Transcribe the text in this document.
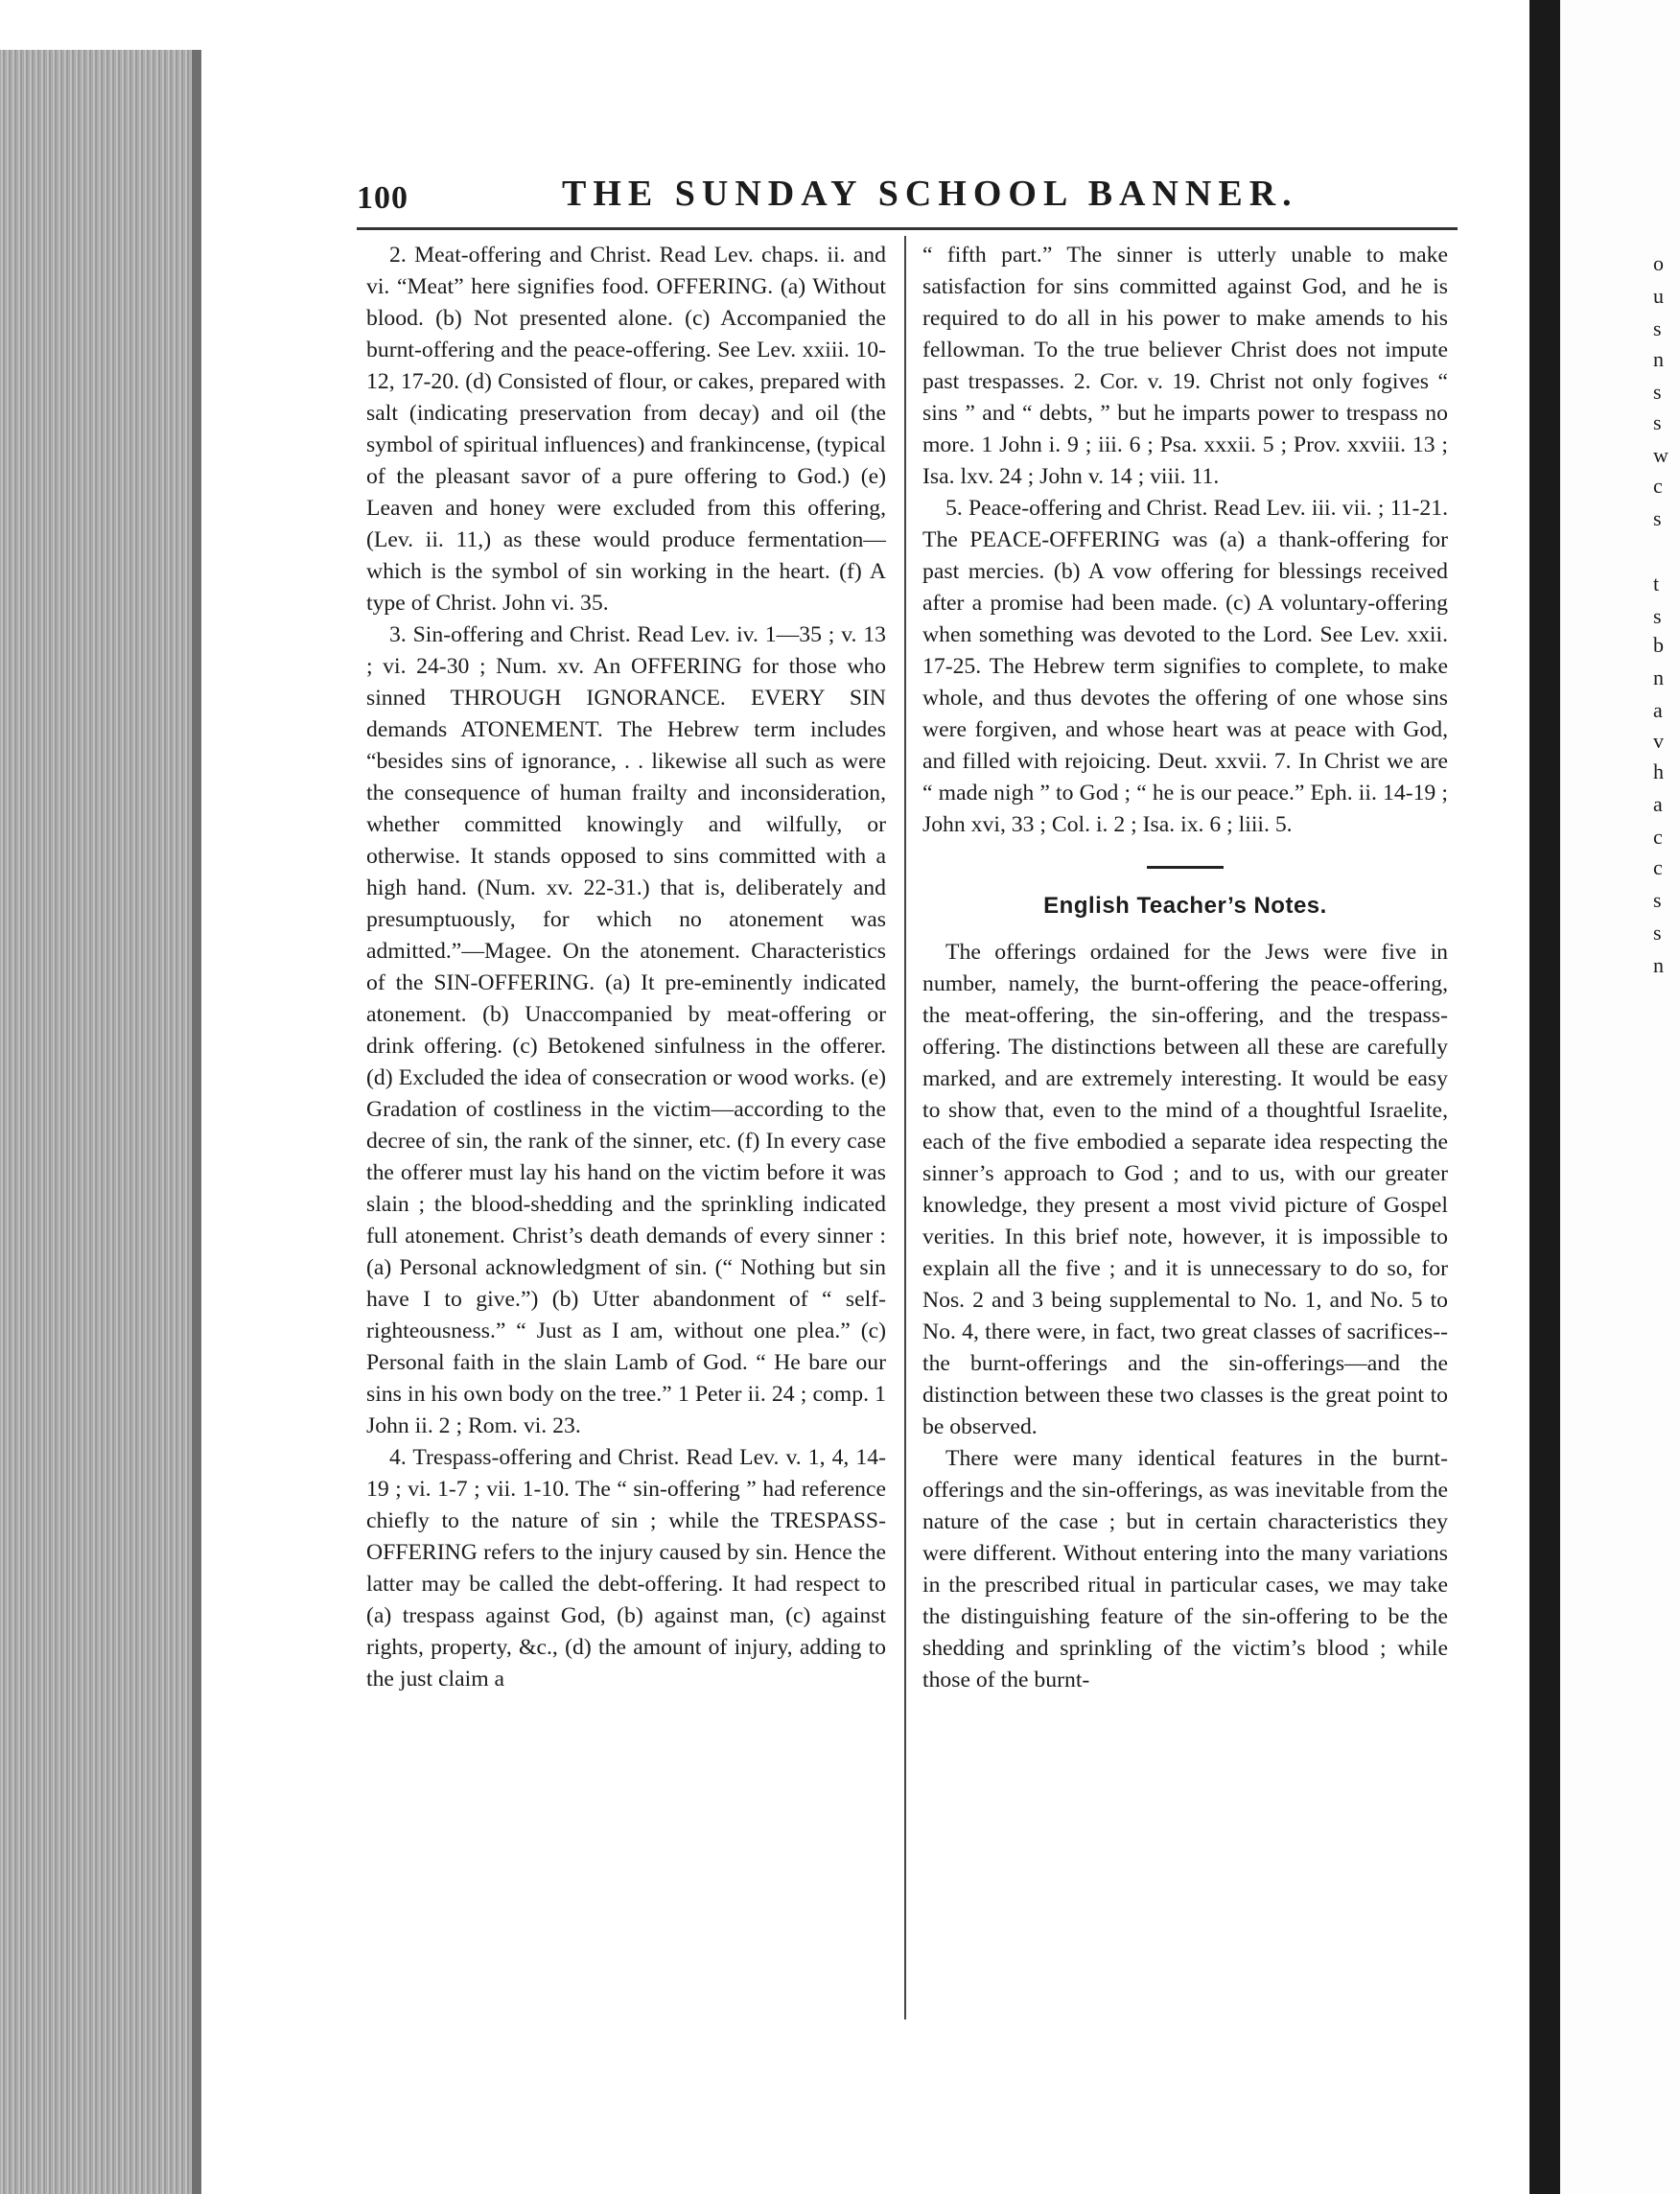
o
u
s
n
s
s
w
c
s
t
s
b
n
a
v
h
a
c
c
s
s
n
100	THE SUNDAY SCHOOL BANNER.

2. Meat-offering and Christ. Read Lev. chaps. ii. and vi. “Meat” here signifies food. OFFERING. (a) Without blood. (b) Not presented alone. (c) Accompanied the burnt-offering and the peace-offering. See Lev. xxiii. 10-12, 17-20. (d) Consisted of flour, or cakes, prepared with salt (indicating preservation from decay) and oil (the symbol of spiritual influences) and frankincense, (typical of the pleasant savor of a pure offering to God.) (e) Leaven and honey were excluded from this offering, (Lev. ii. 11,) as these would produce fermentation—which is the symbol of sin working in the heart. (f) A type of Christ. John vi. 35.

3. Sin-offering and Christ. Read Lev. iv. 1—35 ; v. 13 ; vi. 24-30 ; Num. xv. An OFFERING for those who sinned THROUGH IGNORANCE. EVERY SIN demands ATONEMENT. The Hebrew term includes “besides sins of ignorance, . . likewise all such as were the consequence of human frailty and inconsideration, whether committed knowingly and wilfully, or otherwise. It stands opposed to sins committed with a high hand. (Num. xv. 22-31.) that is, deliberately and presumptuously, for which no atonement was admitted.”—Magee. On the atonement. Characteristics of the SIN-OFFERING. (a) It pre-eminently indicated atonement. (b) Unaccompanied by meat-offering or drink offering. (c) Betokened sinfulness in the offerer. (d) Excluded the idea of consecration or wood works. (e) Gradation of costliness in the victim—according to the decree of sin, the rank of the sinner, etc. (f) In every case the offerer must lay his hand on the victim before it was slain ; the blood-shedding and the sprinkling indicated full atonement. Christ’s death demands of every sinner : (a) Personal acknowledgment of sin. (“ Nothing but sin have I to give.”) (b) Utter abandonment of “ self-righteousness.” “ Just as I am, without one plea.” (c) Personal faith in the slain Lamb of God. “ He bare our sins in his own body on the tree.” 1 Peter ii. 24 ; comp. 1 John ii. 2 ; Rom. vi. 23.

4. Trespass-offering and Christ. Read Lev. v. 1, 4, 14-19 ; vi. 1-7 ; vii. 1-10. The “ sin-offering ” had reference chiefly to the nature of sin ; while the TRESPASS-OFFERING refers to the injury caused by sin. Hence the latter may be called the debt-offering. It had respect to (a) trespass against God, (b) against man, (c) against rights, property, &c., (d) the amount of injury, adding to the just claim a

“ fifth part.” The sinner is utterly unable to make satisfaction for sins committed against God, and he is required to do all in his power to make amends to his fellowman. To the true believer Christ does not impute past trespasses. 2. Cor. v. 19. Christ not only fogives “ sins ” and “ debts, ” but he imparts power to trespass no more. 1 John i. 9 ; iii. 6 ; Psa. xxxii. 5 ; Prov. xxviii. 13 ; Isa. lxv. 24 ; John v. 14 ; viii. 11.

5. Peace-offering and Christ. Read Lev. iii. vii. ; 11-21. The PEACE-OFFERING was (a) a thank-offering for past mercies. (b) A vow offering for blessings received after a promise had been made. (c) A voluntary-offering when something was devoted to the Lord. See Lev. xxii. 17-25. The Hebrew term signifies to complete, to make whole, and thus devotes the offering of one whose sins were forgiven, and whose heart was at peace with God, and filled with rejoicing. Deut. xxvii. 7. In Christ we are “ made nigh ” to God ; “ he is our peace.” Eph. ii. 14-19 ; John xvi, 33 ; Col. i. 2 ; Isa. ix. 6 ; liii. 5.

English Teacher’s Notes.

The offerings ordained for the Jews were five in number, namely, the burnt-offering the peace-offering, the meat-offering, the sin-offering, and the trespass-offering. The distinctions between all these are carefully marked, and are extremely interesting. It would be easy to show that, even to the mind of a thoughtful Israelite, each of the five embodied a separate idea respecting the sinner’s approach to God ; and to us, with our greater knowledge, they present a most vivid picture of Gospel verities. In this brief note, however, it is impossible to explain all the five ; and it is unnecessary to do so, for Nos. 2 and 3 being supplemental to No. 1, and No. 5 to No. 4, there were, in fact, two great classes of sacrifices--the burnt-offerings and the sin-offerings—and the distinction between these two classes is the great point to be observed.

There were many identical features in the burnt-offerings and the sin-offerings, as was inevitable from the nature of the case ; but in certain characteristics they were different. Without entering into the many variations in the prescribed ritual in particular cases, we may take the distinguishing feature of the sin-offering to be the shedding and sprinkling of the victim’s blood ; while those of the burnt-
